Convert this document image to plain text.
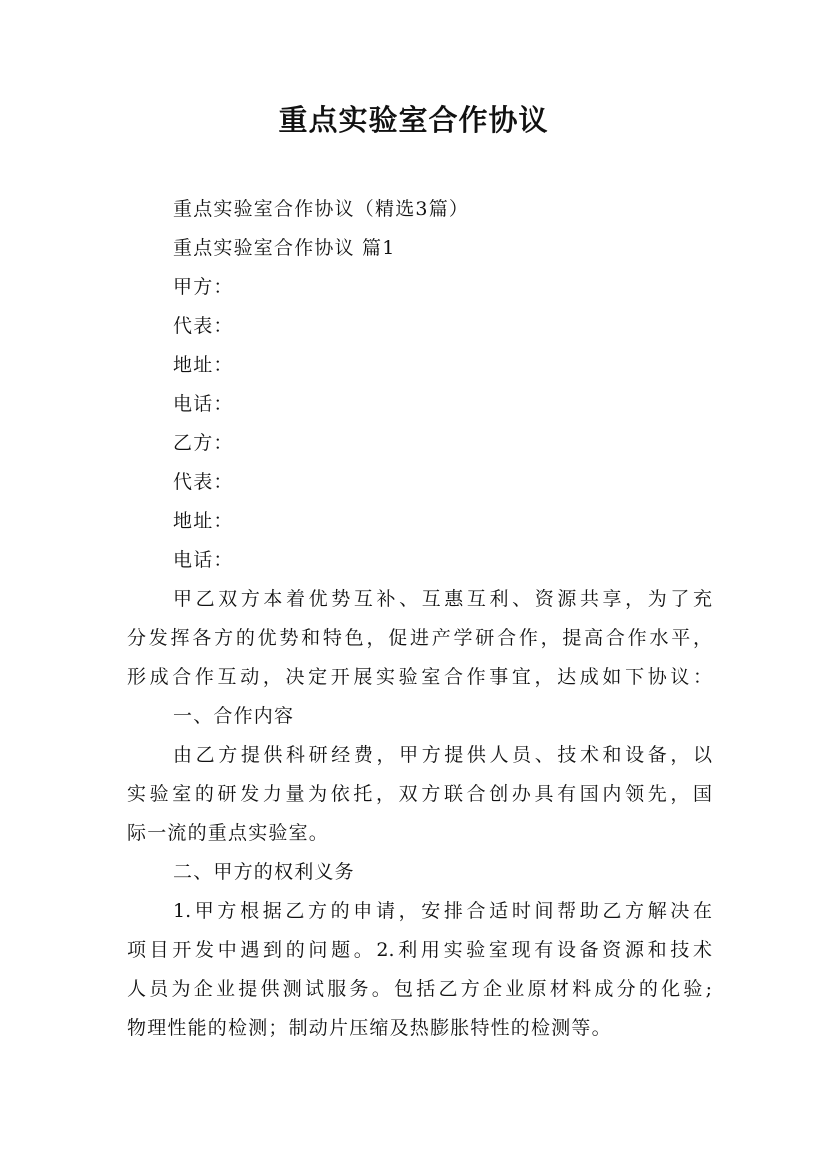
重点实验室合作协议
重点实验室合作协议（精选3篇）
重点实验室合作协议 篇1
甲方：
代表：
地址：
电话：
乙方：
代表：
地址：
电话：
甲乙双方本着优势互补、互惠互利、资源共享，为了充
分发挥各方的优势和特色，促进产学研合作，提高合作水平，
形成合作互动，决定开展实验室合作事宜，达成如下协议：
一、合作内容
由乙方提供科研经费，甲方提供人员、技术和设备，以
实验室的研发力量为依托，双方联合创办具有国内领先，国
际一流的重点实验室。
二、甲方的权利义务
1.甲方根据乙方的申请，安排合适时间帮助乙方解决在
项目开发中遇到的问题。2.利用实验室现有设备资源和技术
人员为企业提供测试服务。包括乙方企业原材料成分的化验;
物理性能的检测；制动片压缩及热膨胀特性的检测等。
